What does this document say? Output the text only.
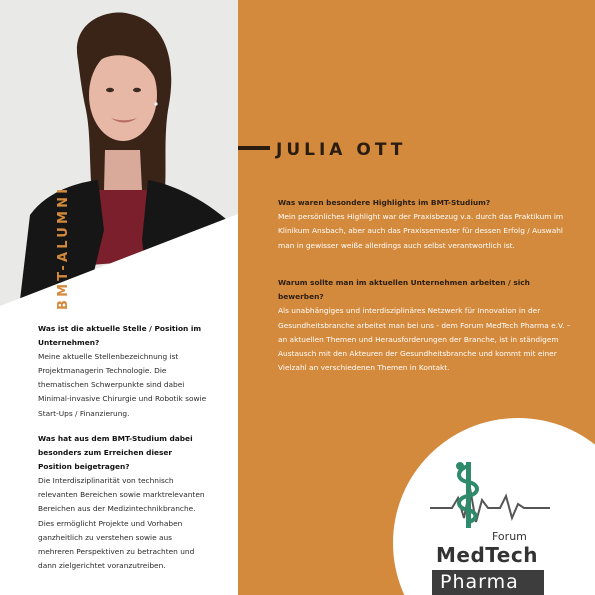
BMT-ALUMNI
JULIA OTT

Was waren besondere Highlights im BMT-Studium?

Mein persönliches Highlight war der Praxisbezug v.a. durch das Praktikum im Klinikum Ansbach, aber auch das Praxissemester für dessen Erfolg / Auswahl man in gewisser weiße allerdings auch selbst verantwortlich ist.

Warum sollte man im aktuellen Unternehmen arbeiten / sich bewerben?

Als unabhängiges und interdisziplinäres Netzwerk für Innovation in der Gesundheitsbranche arbeitet man bei uns - dem Forum MedTech Pharma e.V. – an aktuellen Themen und Herausforderungen der Branche, ist in ständigem Austausch mit den Akteuren der Gesundheitsbranche und kommt mit einer Vielzahl an verschiedenen Themen in Kontakt.

Was ist die aktuelle Stelle / Position im Unternehmen?

Meine aktuelle Stellenbezeichnung ist Projektmanagerin Technologie. Die thematischen Schwerpunkte sind dabei Minimal-invasive Chirurgie und Robotik sowie Start-Ups / Finanzierung.

Was hat aus dem BMT-Studium dabei besonders zum Erreichen dieser Position beigetragen?

Die Interdisziplinarität von technisch relevanten Bereichen sowie marktrelevanten Bereichen aus der Medizintechnikbranche. Dies ermöglicht Projekte und Vorhaben ganzheitlich zu verstehen sowie aus mehreren Perspektiven zu betrachten und dann zielgerichtet voranzutreiben.

Forum
MedTech
Pharma
